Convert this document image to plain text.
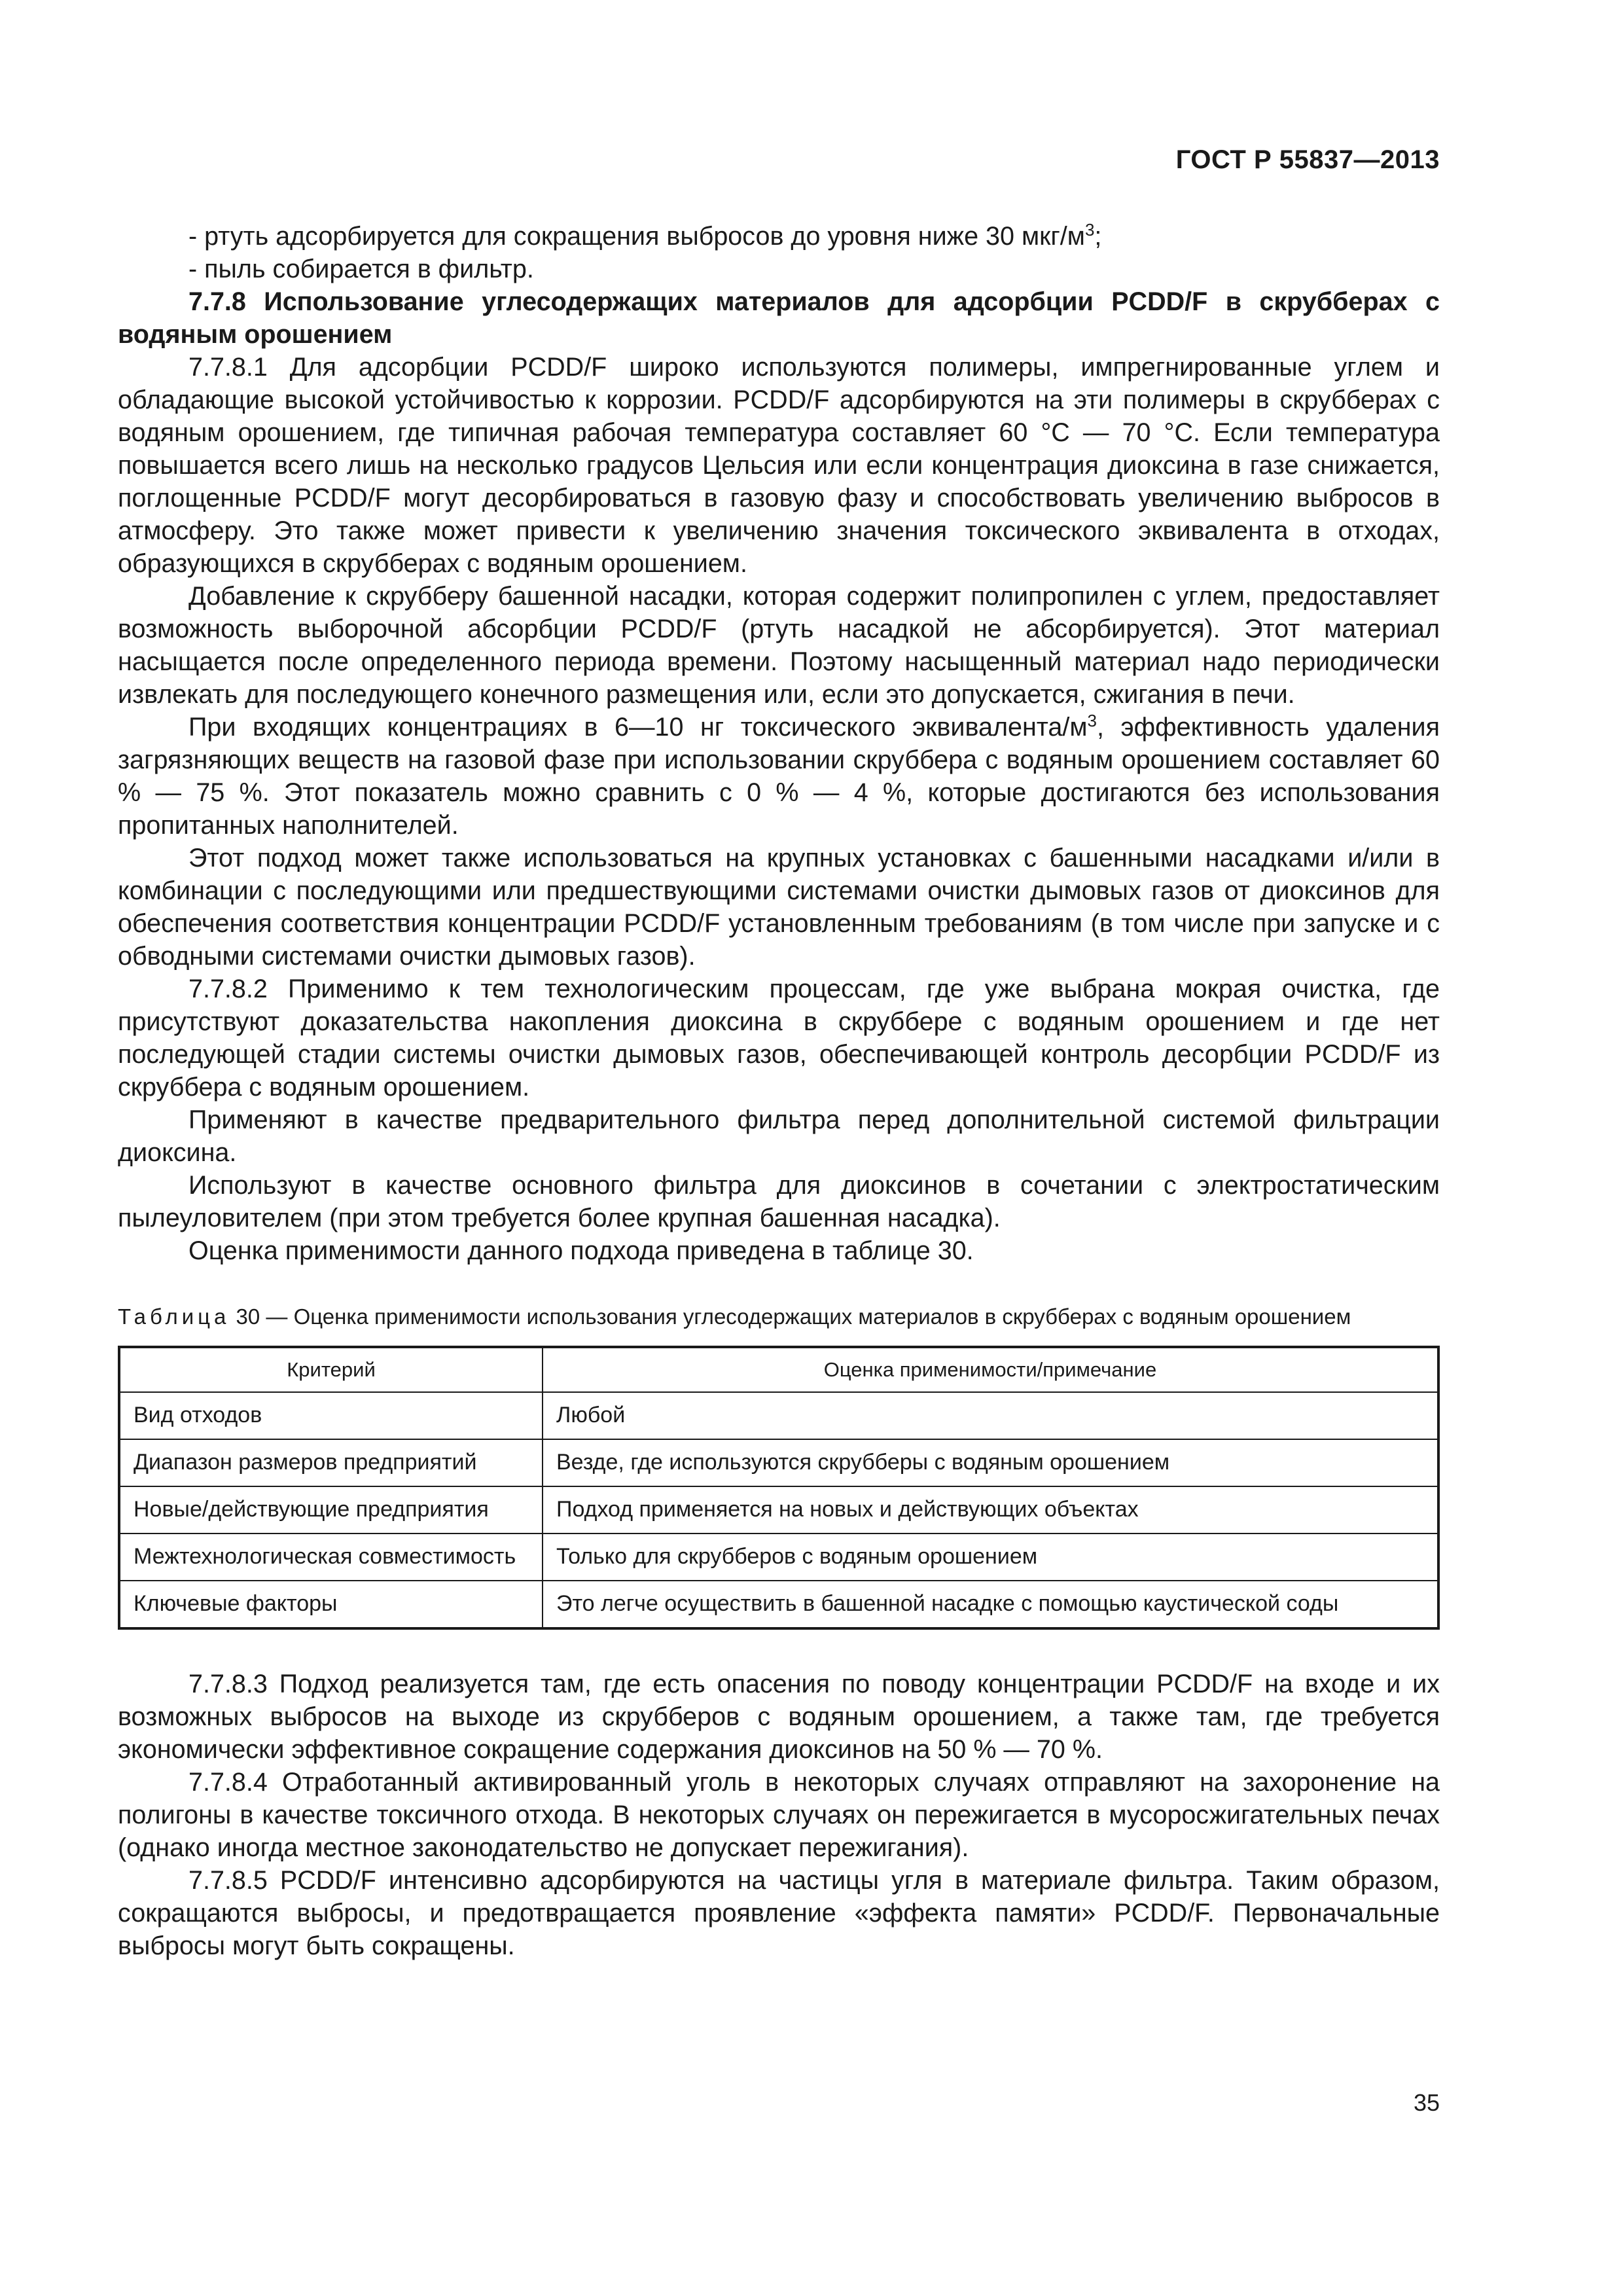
ГОСТ Р 55837—2013

- ртуть адсорбируется для сокращения выбросов до уровня ниже 30 мкг/$м^3$;

- пыль собирается в фильтр.

7.7.8 Использование углесодержащих материалов для адсорбции PCDD/F в скрубберах с водяным орошением

7.7.8.1 Для адсорбции PCDD/F широко используются полимеры, импрегнированные углем и обладающие высокой устойчивостью к коррозии. PCDD/F адсорбируются на эти полимеры в скрубберах с водяным орошением, где типичная рабочая температура составляет 60 °С — 70 °С. Если температура повышается всего лишь на несколько градусов Цельсия или если концентрация диоксина в газе снижается, поглощенные PCDD/F могут десорбироваться в газовую фазу и способствовать увеличению выбросов в атмосферу. Это также может привести к увеличению значения токсического эквивалента в отходах, образующихся в скрубберах с водяным орошением.

Добавление к скрубберу башенной насадки, которая содержит полипропилен с углем, предоставляет возможность выборочной абсорбции PCDD/F (ртуть насадкой не абсорбируется). Этот материал насыщается после определенного периода времени. Поэтому насыщенный материал надо периодически извлекать для последующего конечного размещения или, если это допускается, сжигания в печи.

При входящих концентрациях в 6—10 нг токсического эквивалента/$м^3$, эффективность удаления загрязняющих веществ на газовой фазе при использовании скруббера с водяным орошением составляет 60 % — 75 %. Этот показатель можно сравнить с 0 % — 4 %, которые достигаются без использования пропитанных наполнителей.

Этот подход может также использоваться на крупных установках с башенными насадками и/или в комбинации с последующими или предшествующими системами очистки дымовых газов от диоксинов для обеспечения соответствия концентрации PCDD/F установленным требованиям (в том числе при запуске и с обводными системами очистки дымовых газов).

7.7.8.2 Применимо к тем технологическим процессам, где уже выбрана мокрая очистка, где присутствуют доказательства накопления диоксина в скруббере с водяным орошением и где нет последующей стадии системы очистки дымовых газов, обеспечивающей контроль десорбции PCDD/F из скруббера с водяным орошением.

Применяют в качестве предварительного фильтра перед дополнительной системой фильтрации диоксина.

Используют в качестве основного фильтра для диоксинов в сочетании с электростатическим пылеуловителем (при этом требуется более крупная башенная насадка).

Оценка применимости данного подхода приведена в таблице 30.

Таблица 30 — Оценка применимости использования углесодержащих материалов в скрубберах с водяным орошением

Критерий	Оценка применимости/примечание
Вид отходов	Любой
Диапазон размеров предприятий	Везде, где используются скрубберы с водяным орошением
Новые/действующие предприятия	Подход применяется на новых и действующих объектах
Межтехнологическая совместимость	Только для скрубберов с водяным орошением
Ключевые факторы	Это легче осуществить в башенной насадке с помощью каустической соды

7.7.8.3 Подход реализуется там, где есть опасения по поводу концентрации PCDD/F на входе и их возможных выбросов на выходе из скрубберов с водяным орошением, а также там, где требуется экономически эффективное сокращение содержания диоксинов на 50 % — 70 %.

7.7.8.4 Отработанный активированный уголь в некоторых случаях отправляют на захоронение на полигоны в качестве токсичного отхода. В некоторых случаях он пережигается в мусоросжигательных печах (однако иногда местное законодательство не допускает пережигания).

7.7.8.5 PCDD/F интенсивно адсорбируются на частицы угля в материале фильтра. Таким образом, сокращаются выбросы, и предотвращается проявление «эффекта памяти» PCDD/F. Первоначальные выбросы могут быть сокращены.

35
